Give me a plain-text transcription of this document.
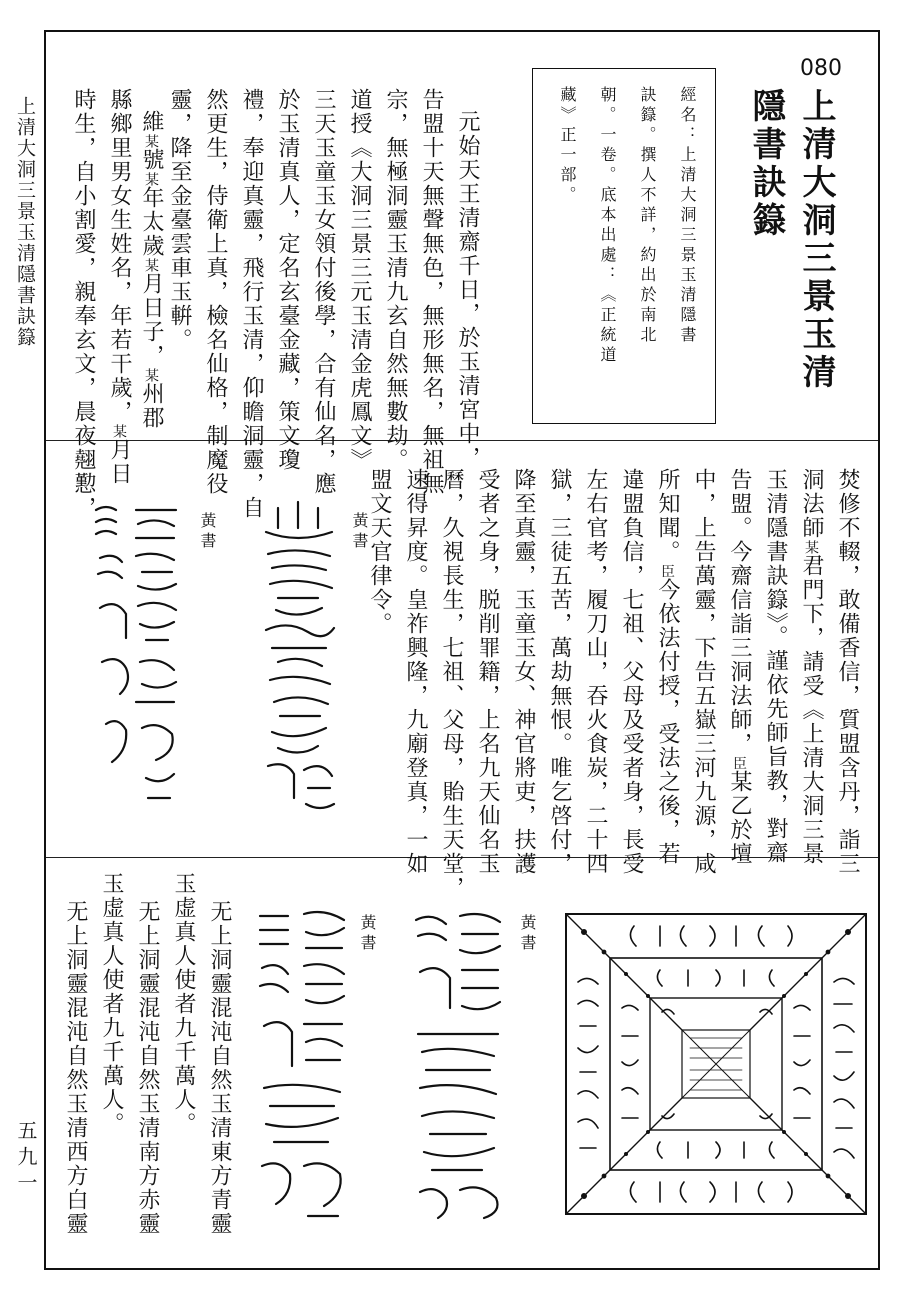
上清大洞三景玉清隱書訣籙
五九一
080
上清大洞三景玉清
隱書訣籙
經名：上清大洞三景玉清隱書
訣籙。撰人不詳，約出於南北
朝。一卷。底本出處：《正統道
藏》正一部。
元始天王清齋千日，於玉清宮中，
告盟十天無聲無色，無形無名，無祖無
宗，無極洞靈玉清九玄自然無數劫。
道授《大洞三景三元玉清金虎鳳文》
三天玉童玉女領付後學，合有仙名，應
於玉清真人，定名玄臺金藏，策文瓊
禮，奉迎真靈，飛行玉清，仰瞻洞靈，自
然更生，侍衛上真，檢名仙格，制魔役
靈，降至金臺雲車玉輧。
維某號某年太歲某月日子，某州郡
縣鄉里男女生姓名，年若干歲，某月日
時生，自小割愛，親奉玄文，晨夜翹懃，
焚修不輟，敢備香信，質盟含丹，詣三
洞法師某君門下，請受《上清大洞三景
玉清隱書訣籙》。謹依先師旨教，對齋
告盟。今齋信詣三洞法師，臣某乙於壇
中，上告萬靈，下告五嶽三河九源，咸
所知聞。臣今依法付授，受法之後，若
違盟負信，七祖、父母及受者身，長受
左右官考，履刀山，吞火食炭，二十四
獄，三徒五苦，萬劫無恨。唯乞啓付，
降至真靈，玉童玉女、神官將吏，扶護
受者之身，脱削罪籍，上名九天仙名玉
曆，久視長生，七祖、父母，貽生天堂，
速得昇度。皇祚興隆，九廟登真，一如
盟文天官律令。
黃書
黃書
黃書
黃書
无上洞靈混沌自然玉清東方青靈
玉虚真人使者九千萬人。
无上洞靈混沌自然玉清南方赤靈
玉虚真人使者九千萬人。
无上洞靈混沌自然玉清西方白靈
